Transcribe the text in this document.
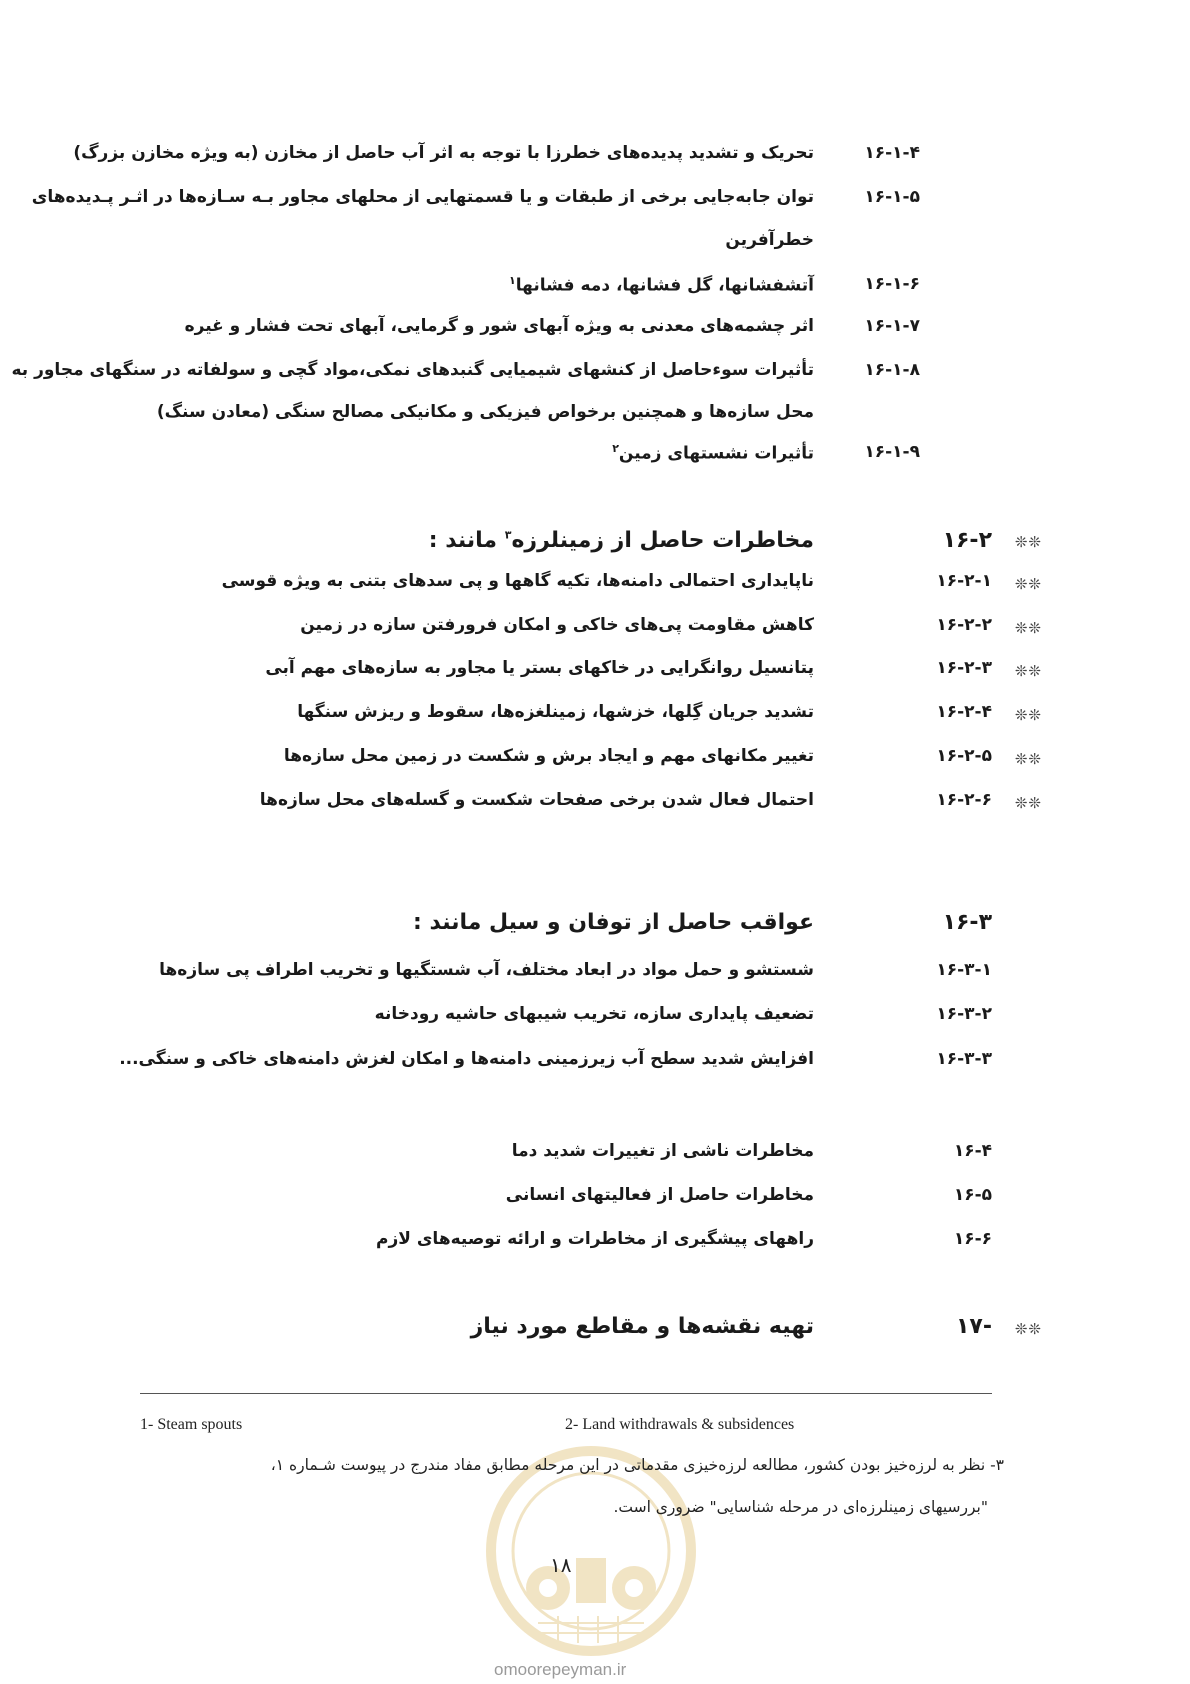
۱۶-۱-۴
تحریک و تشدید پدیده‌های خطرزا با توجه به اثر آب حاصل از مخازن (به ویژه مخازن بزرگ)
۱۶-۱-۵
توان جابه‌جایی برخی از طبقات و یا قسمتهایی از محلهای مجاور بـه سـازه‌ها در اثـر پـدیده‌های
خطرآفرین
۱۶-۱-۶
آتشفشانها، گل فشانها، دمه فشانها$^۱$
۱۶-۱-۷
اثر چشمه‌های معدنی به ویژه آبهای شور و گرمایی، آبهای تحت فشار و غیره
۱۶-۱-۸
تأثیرات سوء‌حاصل از کنشهای شیمیایی گنبدهای نمکی،مواد گچی و سولفاته در سنگهای مجاور به
محل سازه‌ها و همچنین برخواص فیزیکی و مکانیکی مصالح سنگی (معادن سنگ)
۱۶-۱-۹
تأثیرات نشستهای زمین$^۲$
❊❊
۱۶-۲
مخاطرات حاصل از زمینلرزه$^۳$ مانند :
❊❊
۱۶-۲-۱
ناپایداری احتمالی دامنه‌ها، تکیه گاهها و پی سدهای بتنی به ویژه قوسی
❊❊
۱۶-۲-۲
کاهش مقاومت پی‌های خاکی و امکان فرورفتن سازه در زمین
❊❊
۱۶-۲-۳
پتانسیل روانگرایی در خاکهای بستر یا مجاور به سازه‌های مهم آبی
❊❊
۱۶-۲-۴
تشدید جریان گِلها، خزشها، زمینلغزه‌ها، سقوط و ریزش سنگها
❊❊
۱۶-۲-۵
تغییر مکانهای مهم و ایجاد برش و شکست در زمین محل سازه‌ها
❊❊
۱۶-۲-۶
احتمال فعال شدن برخی صفحات شکست و گسله‌های محل سازه‌ها
۱۶-۳
عواقب حاصل از توفان و سیل مانند :
۱۶-۳-۱
شستشو و حمل مواد در ابعاد مختلف، آب شستگیها و تخریب اطراف پی سازه‌ها
۱۶-۳-۲
تضعیف پایداری سازه، تخریب شیبهای حاشیه رودخانه
۱۶-۳-۳
افزایش شدید سطح آب زیرزمینی دامنه‌ها و امکان لغزش دامنه‌های خاکی و سنگی...
۱۶-۴
مخاطرات ناشی از تغییرات شدید دما
۱۶-۵
مخاطرات حاصل از فعالیتهای انسانی
۱۶-۶
راههای پیشگیری از مخاطرات و ارائه توصیه‌های لازم
❊❊
-۱۷
تهیه نقشه‌ها و مقاطع مورد نیاز
1- Steam spouts	2- Land withdrawals & subsidences
۳- نظر به لرزه‌خیز بودن کشور، مطالعه لرزه‌خیزی مقدماتی در این مرحله مطابق مفاد مندرج در پیوست شـماره ۱،
"بررسیهای زمینلرزه‌ای در مرحله شناسایی" ضروری است.
۱۸
omoorepeyman.ir
